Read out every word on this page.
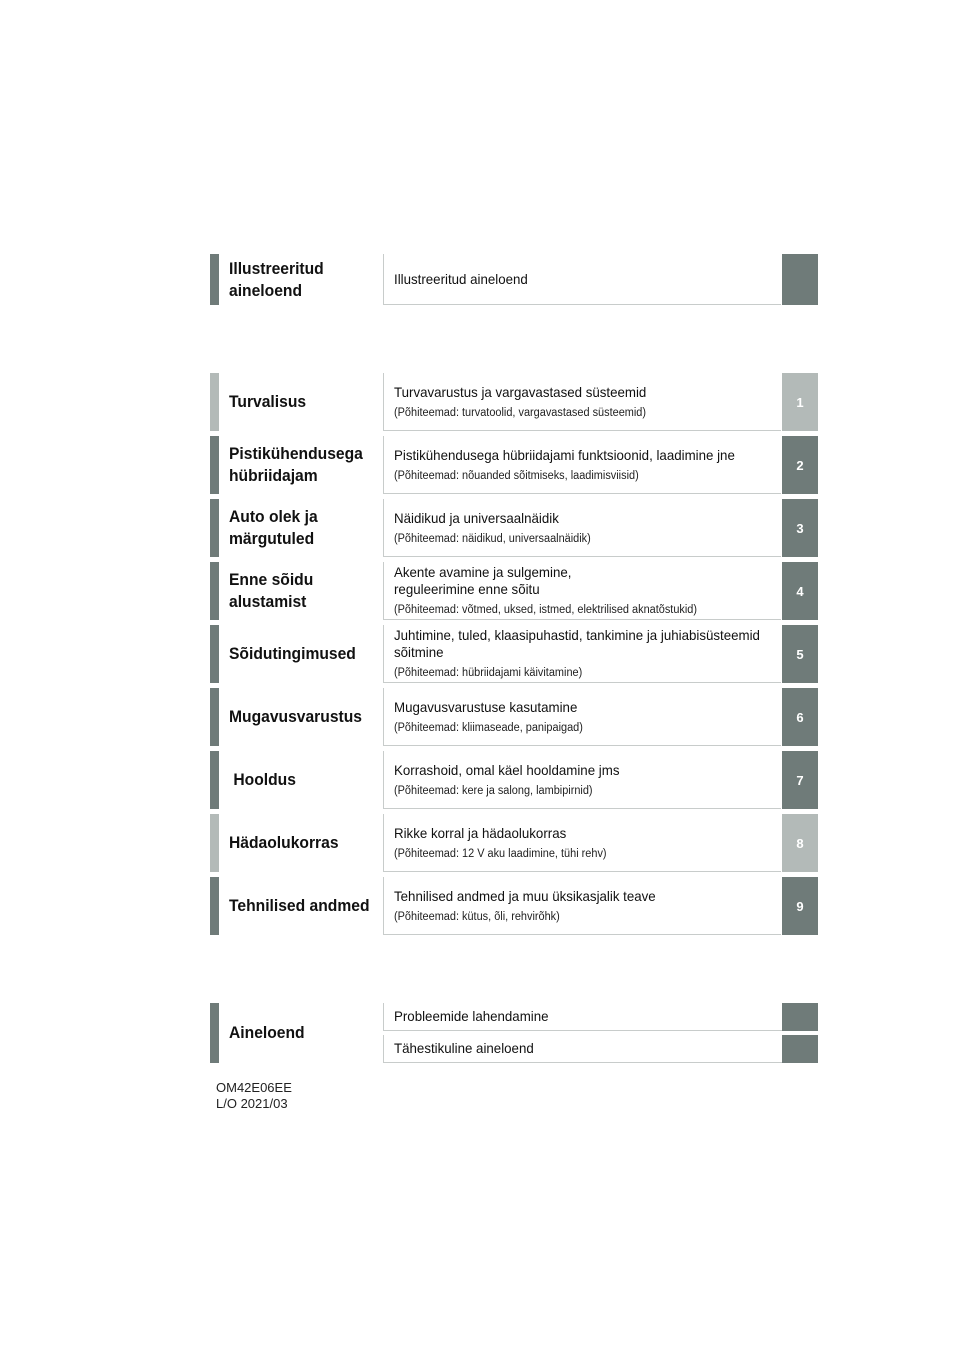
Illustreeritud
aineloend
Illustreeritud aineloend
Turvalisus
Turvavarustus ja vargavastased süsteemid
(Põhiteemad: turvatoolid, vargavastased süsteemid)
1
Pistikühendusega
hübriidajam
Pistikühendusega hübriidajami funktsioonid, laadimine jne
(Põhiteemad: nõuanded sõitmiseks, laadimisviisid)
2
Auto olek ja
märgutuled
Näidikud ja universaalnäidik
(Põhiteemad: näidikud, universaalnäidik)
3
Enne sõidu
alustamist
Akente avamine ja sulgemine,
reguleerimine enne sõitu
(Põhiteemad: võtmed, uksed, istmed, elektrilised aknatõstukid)
4
Sõidutingimused
Juhtimine, tuled, klaasipuhastid, tankimine ja juhiabisüsteemid
sõitmine
(Põhiteemad: hübriidajami käivitamine)
5
Mugavusvarustus
Mugavusvarustuse kasutamine
(Põhiteemad: kliimaseade, panipaigad)
6
Hooldus
Korrashoid, omal käel hooldamine jms
(Põhiteemad: kere ja salong, lambipirnid)
7
Hädaolukorras
Rikke korral ja hädaolukorras
(Põhiteemad: 12 V aku laadimine, tühi rehv)
8
Tehnilised andmed
Tehnilised andmed ja muu üksikasjalik teave
(Põhiteemad: kütus, õli, rehvirõhk)
9
Aineloend
Probleemide lahendamine
Tähestikuline aineloend
OM42E06EE
L/O 2021/03
